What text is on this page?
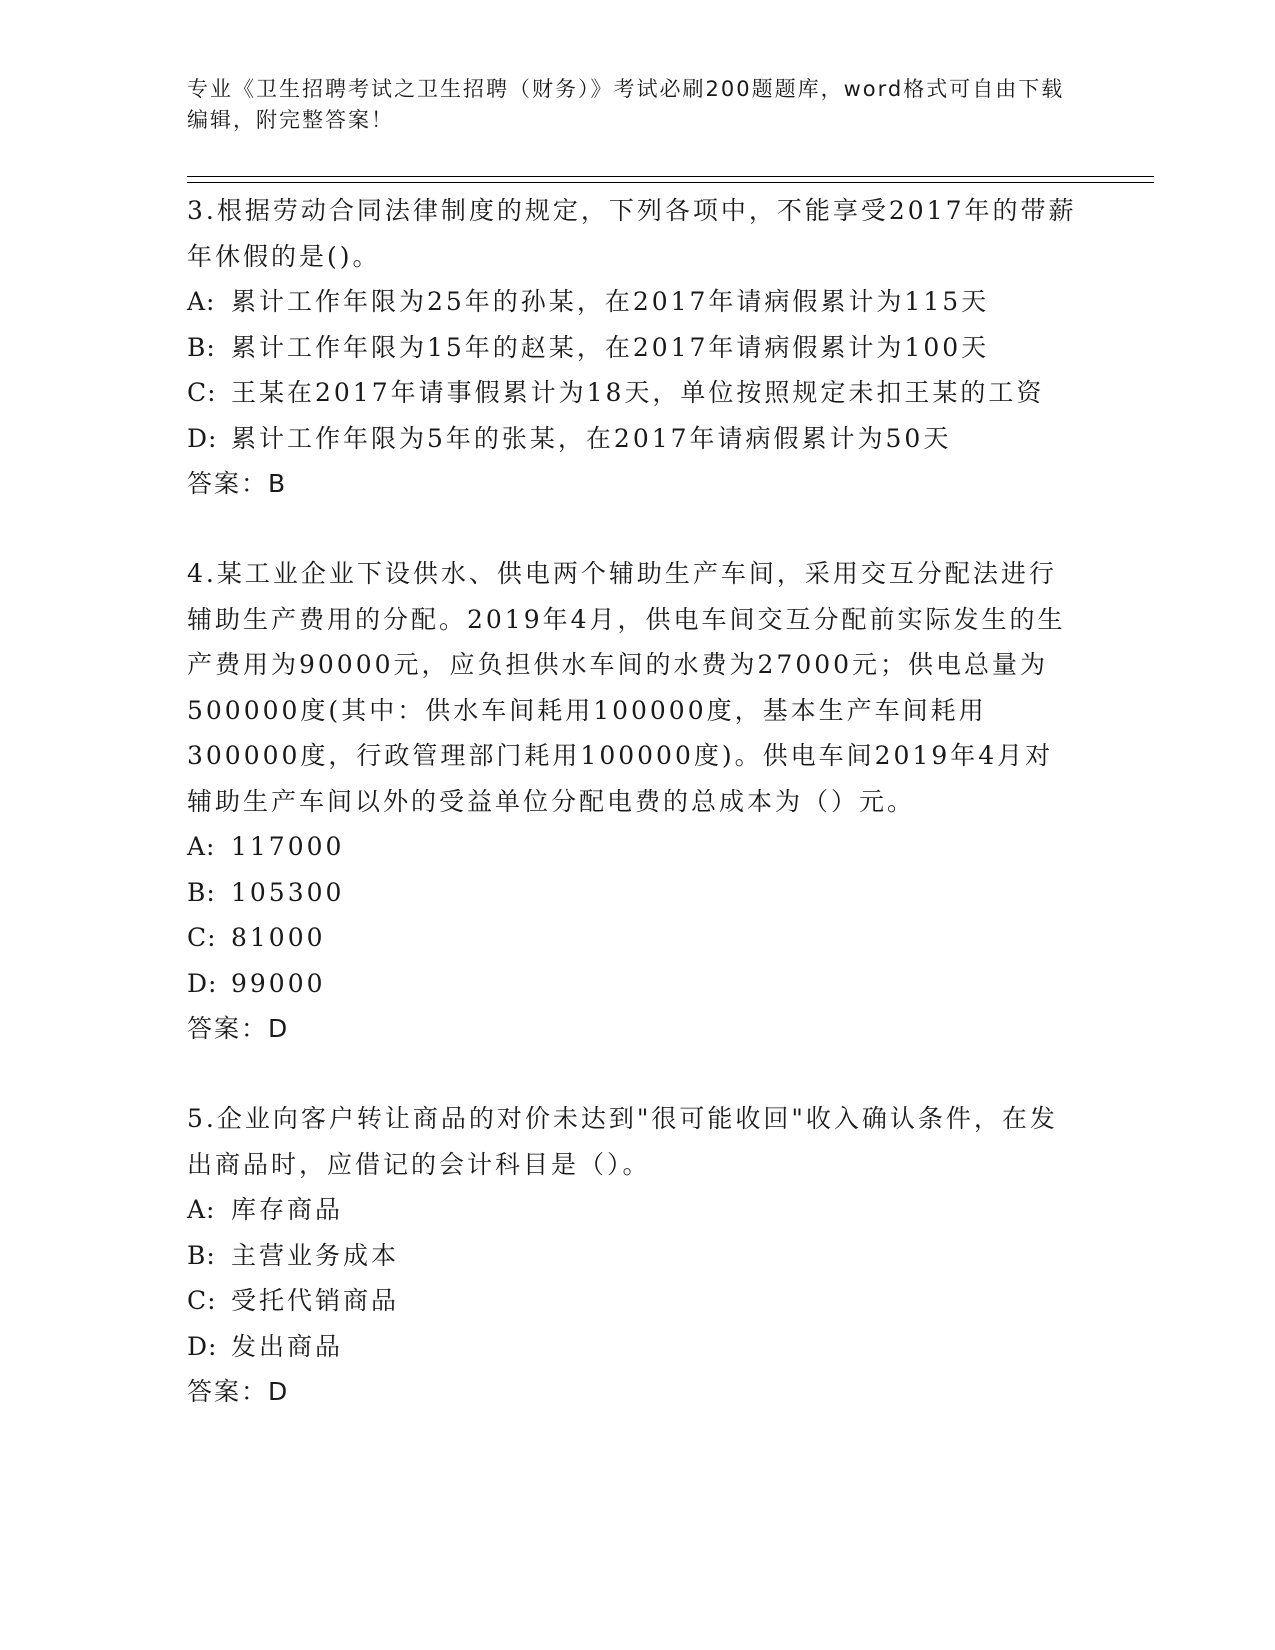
专业《卫生招聘考试之卫生招聘（财务）》考试必刷200题题库，word格式可自由下载编辑，附完整答案！

3.根据劳动合同法律制度的规定，下列各项中，不能享受2017年的带薪年休假的是()。

A: 累计工作年限为25年的孙某，在2017年请病假累计为115天

B: 累计工作年限为15年的赵某，在2017年请病假累计为100天

C: 王某在2017年请事假累计为18天，单位按照规定未扣王某的工资

D: 累计工作年限为5年的张某，在2017年请病假累计为50天

答案：B

4.某工业企业下设供水、供电两个辅助生产车间，采用交互分配法进行辅助生产费用的分配。2019年4月，供电车间交互分配前实际发生的生产费用为90000元，应负担供水车间的水费为27000元；供电总量为500000度(其中：供水车间耗用100000度，基本生产车间耗用300000度，行政管理部门耗用100000度)。供电车间2019年4月对辅助生产车间以外的受益单位分配电费的总成本为（）元。

A: 117000

B: 105300

C: 81000

D: 99000

答案：D

5.企业向客户转让商品的对价未达到"很可能收回"收入确认条件，在发出商品时，应借记的会计科目是（）。

A: 库存商品

B: 主营业务成本

C: 受托代销商品

D: 发出商品

答案：D
